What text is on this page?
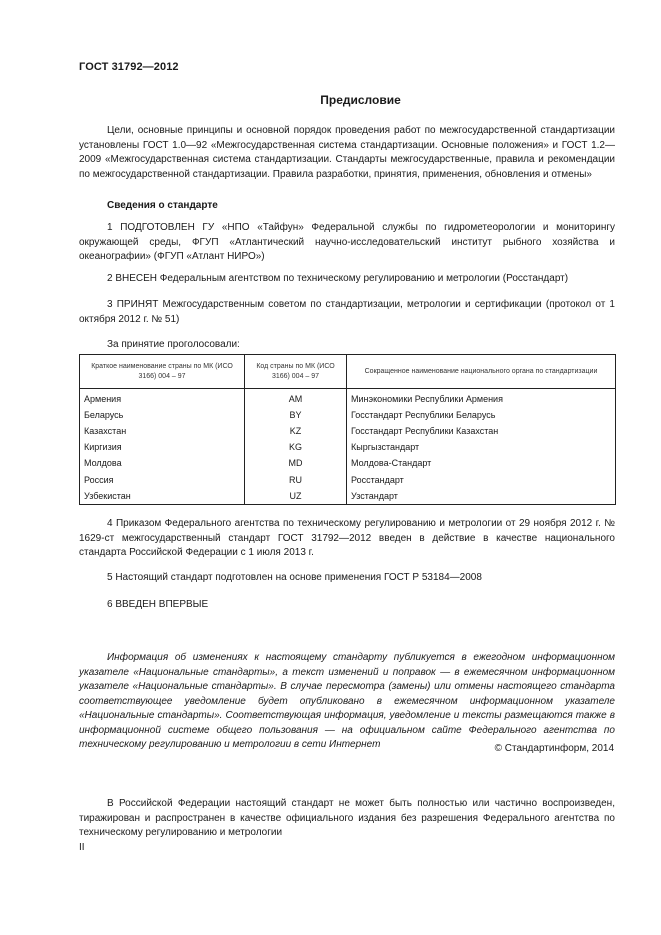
ГОСТ 31792—2012
Предисловие
Цели, основные принципы и основной порядок проведения работ по межгосударственной стандартизации установлены ГОСТ 1.0—92 «Межгосударственная система стандартизации. Основные положения» и ГОСТ 1.2—2009 «Межгосударственная система стандартизации. Стандарты межгосударственные, правила и рекомендации по межгосударственной стандартизации. Правила разработки, принятия, применения, обновления и отмены»
Сведения о стандарте
1 ПОДГОТОВЛЕН ГУ «НПО «Тайфун» Федеральной службы по гидрометеорологии и мониторингу окружающей среды, ФГУП «Атлантический научно-исследовательский институт рыбного хозяйства и океанографии» (ФГУП «Атлант НИРО»)
2 ВНЕСЕН Федеральным агентством по техническому регулированию и метрологии (Росстандарт)
3 ПРИНЯТ Межгосударственным советом по стандартизации, метрологии и сертификации (протокол от 1 октября 2012 г. № 51)
За принятие проголосовали:
Краткое наименование страны по МК (ИСО 3166) 004 – 97	Код страны по МК (ИСО 3166) 004 – 97	Сокращенное наименование национального органа по стандартизации
Армения	AM	Минэкономики Республики Армения
Беларусь	BY	Госстандарт Республики Беларусь
Казахстан	KZ	Госстандарт Республики Казахстан
Киргизия	KG	Кыргызстандарт
Молдова	MD	Молдова-Стандарт
Россия	RU	Росстандарт
Узбекистан	UZ	Узстандарт
4 Приказом Федерального агентства по техническому регулированию и метрологии от 29 ноября 2012 г. № 1629-ст межгосударственный стандарт ГОСТ 31792—2012 введен в действие в качестве национального стандарта Российской Федерации с 1 июля 2013 г.
5 Настоящий стандарт подготовлен на основе применения ГОСТ Р 53184—2008
6 ВВЕДЕН ВПЕРВЫЕ
Информация об изменениях к настоящему стандарту публикуется в ежегодном информационном указателе «Национальные стандарты», а текст изменений и поправок — в ежемесячном информационном указателе «Национальные стандарты». В случае пересмотра (замены) или отмены настоящего стандарта соответствующее уведомление будет опубликовано в ежемесячном информационном указателе «Национальные стандарты». Соответствующая информация, уведомление и тексты размещаются также в информационной системе общего пользования — на официальном сайте Федерального агентства по техническому регулированию и метрологии в сети Интернет	© Стандартинформ, 2014
В Российской Федерации настоящий стандарт не может быть полностью или частично воспроизведен, тиражирован и распространен в качестве официального издания без разрешения Федерального агентства по техническому регулированию и метрологии
II
